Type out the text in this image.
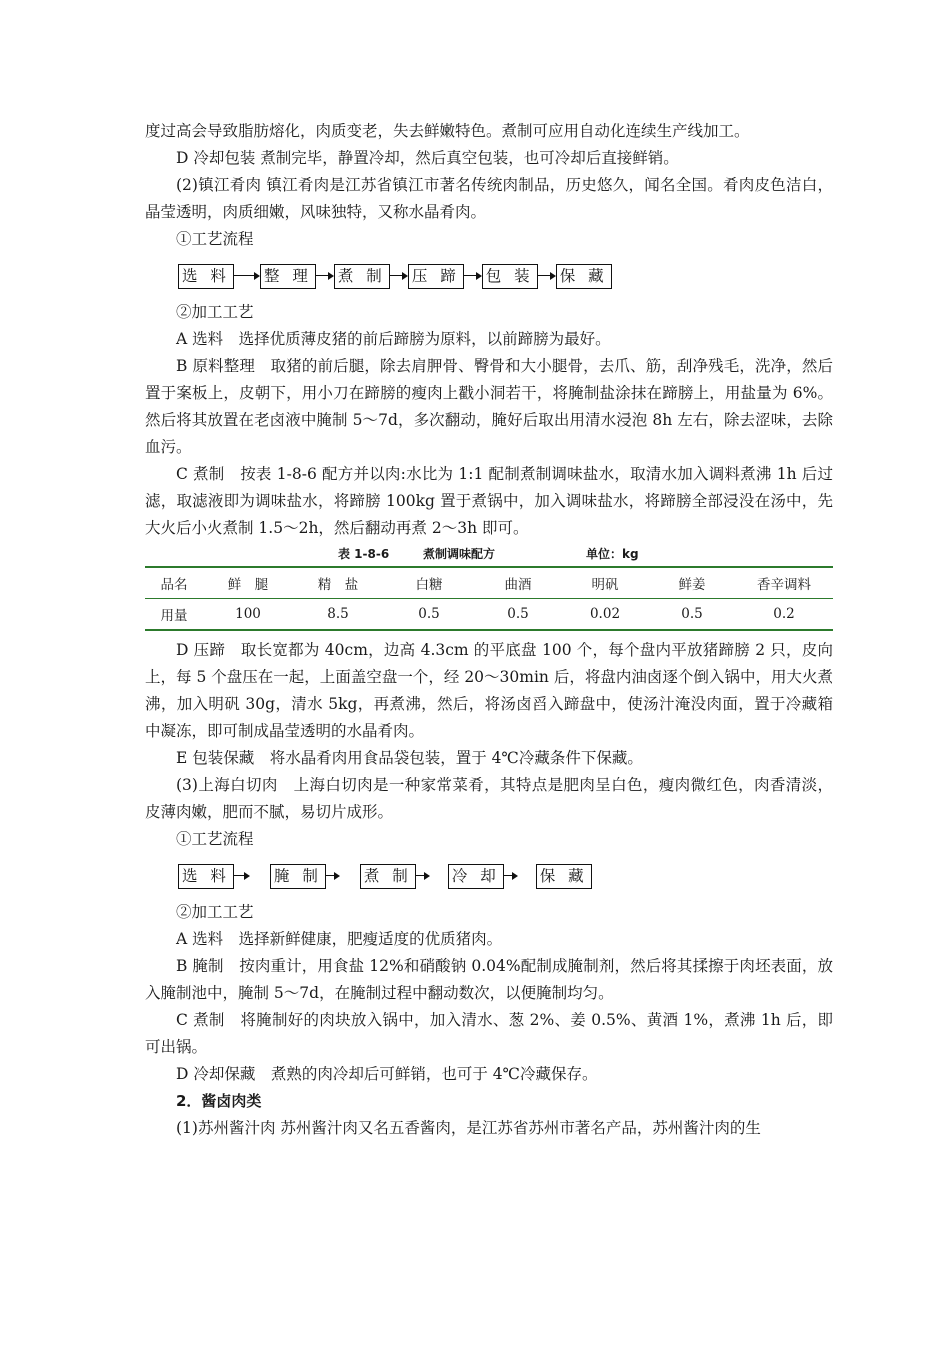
度过高会导致脂肪熔化，肉质变老，失去鲜嫩特色。煮制可应用自动化连续生产线加工。

D 冷却包装 煮制完毕，静置冷却，然后真空包装，也可冷却后直接鲜销。

(2)镇江肴肉 镇江肴肉是江苏省镇江市著名传统肉制品，历史悠久，闻名全国。肴肉皮色洁白，晶莹透明，肉质细嫩，风味独特，又称水晶肴肉。

①工艺流程

选 料 整 理 煮 制 压 蹄 包 装 保 藏

②加工工艺

A 选料　选择优质薄皮猪的前后蹄膀为原料，以前蹄膀为最好。

B 原料整理　取猪的前后腿，除去肩胛骨、臀骨和大小腿骨，去爪、筋，刮净残毛，洗净，然后置于案板上，皮朝下，用小刀在蹄膀的瘦肉上戳小洞若干，将腌制盐涂抹在蹄膀上，用盐量为 6%。然后将其放置在老卤液中腌制 5～7d，多次翻动，腌好后取出用清水浸泡 8h 左右，除去涩味，去除血污。

C 煮制　按表 1-8-6 配方并以肉:水比为 1:1 配制煮制调味盐水，取清水加入调料煮沸 1h 后过滤，取滤液即为调味盐水，将蹄膀 100kg 置于煮锅中，加入调味盐水，将蹄膀全部浸没在汤中，先大火后小火煮制 1.5～2h，然后翻动再煮 2～3h 即可。

表 1-8-6	煮制调味配方	单位：kg
品名	鲜　腿	精　盐	白糖	曲酒	明矾	鲜姜	香辛调料
用量	100	8.5	0.5	0.5	0.02	0.5	0.2

D 压蹄　取长宽都为 40cm，边高 4.3cm 的平底盘 100 个，每个盘内平放猪蹄膀 2 只，皮向上，每 5 个盘压在一起，上面盖空盘一个，经 20～30min 后，将盘内油卤逐个倒入锅中，用大火煮沸，加入明矾 30g，清水 5kg，再煮沸，然后，将汤卤舀入蹄盘中，使汤汁淹没肉面，置于冷藏箱中凝冻，即可制成晶莹透明的水晶肴肉。

E 包装保藏　将水晶肴肉用食品袋包装，置于 4℃冷藏条件下保藏。

(3)上海白切肉　上海白切肉是一种家常菜肴，其特点是肥肉呈白色，瘦肉微红色，肉香清淡，皮薄肉嫩，肥而不腻，易切片成形。

①工艺流程

选 料	腌 制	煮 制	冷 却	保 藏

②加工工艺

A 选料　选择新鲜健康，肥瘦适度的优质猪肉。

B 腌制　按肉重计，用食盐 12%和硝酸钠 0.04%配制成腌制剂，然后将其揉擦于肉坯表面，放入腌制池中，腌制 5～7d，在腌制过程中翻动数次，以便腌制均匀。

C 煮制　将腌制好的肉块放入锅中，加入清水、葱 2%、姜 0.5%、黄酒 1%，煮沸 1h 后，即可出锅。

D 冷却保藏　煮熟的肉冷却后可鲜销，也可于 4℃冷藏保存。

2．酱卤肉类

(1)苏州酱汁肉 苏州酱汁肉又名五香酱肉，是江苏省苏州市著名产品，苏州酱汁肉的生
